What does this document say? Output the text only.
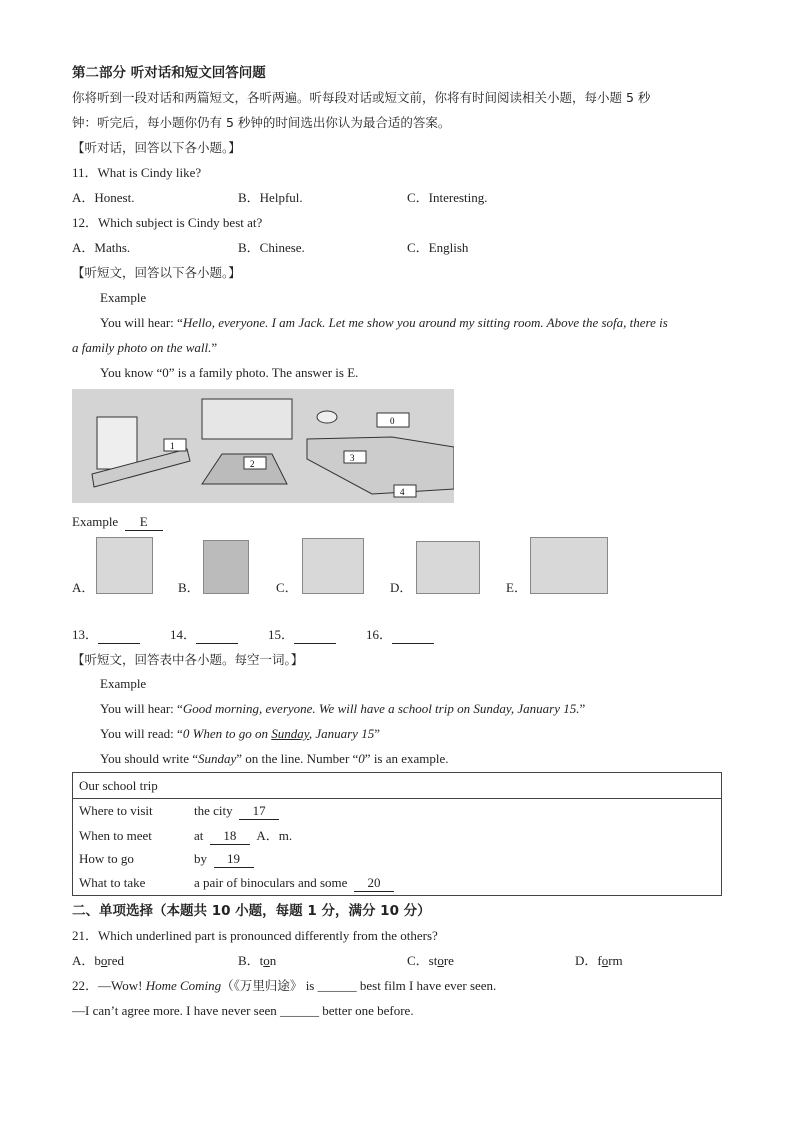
第二部分 听对话和短文回答问题
你将听到一段对话和两篇短文，各听两遍。听每段对话或短文前，你将有时间阅读相关小题，每小题 5 秒
钟：听完后，每小题你仍有 5 秒钟的时间选出你认为最合适的答案。
【听对话，回答以下各小题。】
11．What is Cindy like?
A．Honest.	B．Helpful.	C．Interesting.
12．Which subject is Cindy best at?
A．Maths.	B．Chinese.	C．English
【听短文，回答以下各小题。】
Example
You will hear: “Hello, everyone. I am Jack. Let me show you around my sitting room. Above the sofa, there is
a family photo on the wall.”
You know “0” is a family photo. The answer is E.
0
1
2
3
4
Example E
A．	B．	C．	D．	E．
13．	14．	15．	16．
【听短文，回答表中各小题。每空一词。】
Example
You will hear: “Good morning, everyone. We will have a school trip on Sunday, January 15.”
You will read: “0 When to go on Sunday, January 15”
You should write “Sunday” on the line. Number “0” is an example.
Our school trip
Where to visit	the city 17
When to meet	at 18 A．m.
How to go	by 19
What to take	a pair of binoculars and some 20
二、单项选择（本题共 10 小题，每题 1 分，满分 10 分）
21．Which underlined part is pronounced differently from the others?
A．bored	B．ton	C．store	D．form
22．—Wow! Home Coming（《万里归途》 is ______ best film I have ever seen.
—I can’t agree more. I have never seen ______ better one before.
